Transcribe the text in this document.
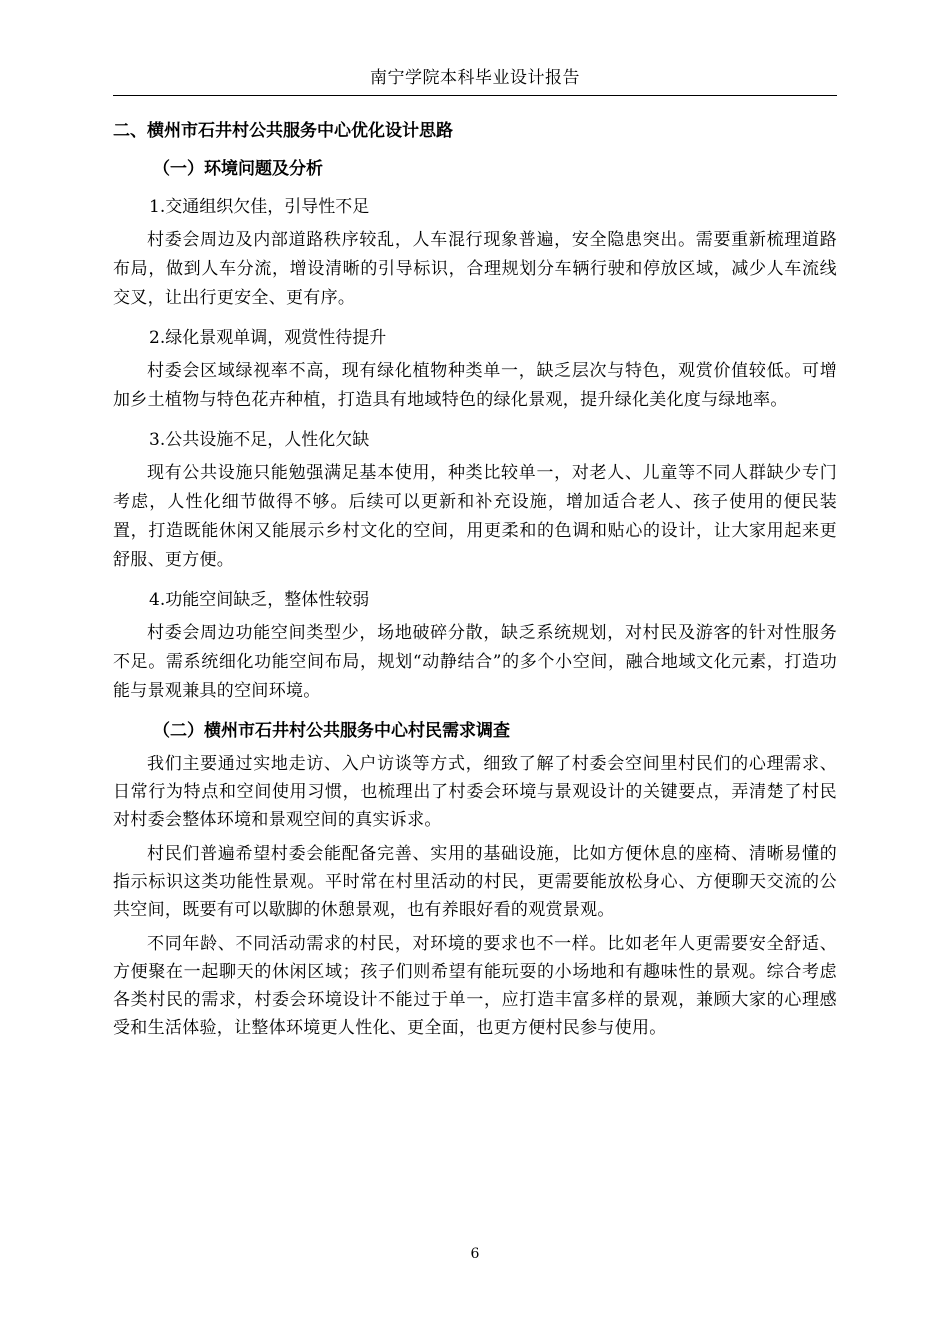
南宁学院本科毕业设计报告
二、横州市石井村公共服务中心优化设计思路
（一）环境问题及分析
1.交通组织欠佳，引导性不足

村委会周边及内部道路秩序较乱，人车混行现象普遍，安全隐患突出。需要重新梳理道路布局，做到人车分流，增设清晰的引导标识，合理规划分车辆行驶和停放区域，减少人车流线交叉，让出行更安全、更有序。

2.绿化景观单调，观赏性待提升

村委会区域绿视率不高，现有绿化植物种类单一，缺乏层次与特色，观赏价值较低。可增加乡土植物与特色花卉种植，打造具有地域特色的绿化景观，提升绿化美化度与绿地率。

3.公共设施不足，人性化欠缺

现有公共设施只能勉强满足基本使用，种类比较单一，对老人、儿童等不同人群缺少专门考虑，人性化细节做得不够。后续可以更新和补充设施，增加适合老人、孩子使用的便民装置，打造既能休闲又能展示乡村文化的空间，用更柔和的色调和贴心的设计，让大家用起来更舒服、更方便。

4.功能空间缺乏，整体性较弱

村委会周边功能空间类型少，场地破碎分散，缺乏系统规划，对村民及游客的针对性服务不足。需系统细化功能空间布局，规划“动静结合”的多个小空间，融合地域文化元素，打造功能与景观兼具的空间环境。

（二）横州市石井村公共服务中心村民需求调查

我们主要通过实地走访、入户访谈等方式，细致了解了村委会空间里村民们的心理需求、日常行为特点和空间使用习惯，也梳理出了村委会环境与景观设计的关键要点，弄清楚了村民对村委会整体环境和景观空间的真实诉求。

村民们普遍希望村委会能配备完善、实用的基础设施，比如方便休息的座椅、清晰易懂的指示标识这类功能性景观。平时常在村里活动的村民，更需要能放松身心、方便聊天交流的公共空间，既要有可以歇脚的休憩景观，也有养眼好看的观赏景观。

不同年龄、不同活动需求的村民，对环境的要求也不一样。比如老年人更需要安全舒适、方便聚在一起聊天的休闲区域；孩子们则希望有能玩耍的小场地和有趣味性的景观。综合考虑各类村民的需求，村委会环境设计不能过于单一，应打造丰富多样的景观，兼顾大家的心理感受和生活体验，让整体环境更人性化、更全面，也更方便村民参与使用。

6
